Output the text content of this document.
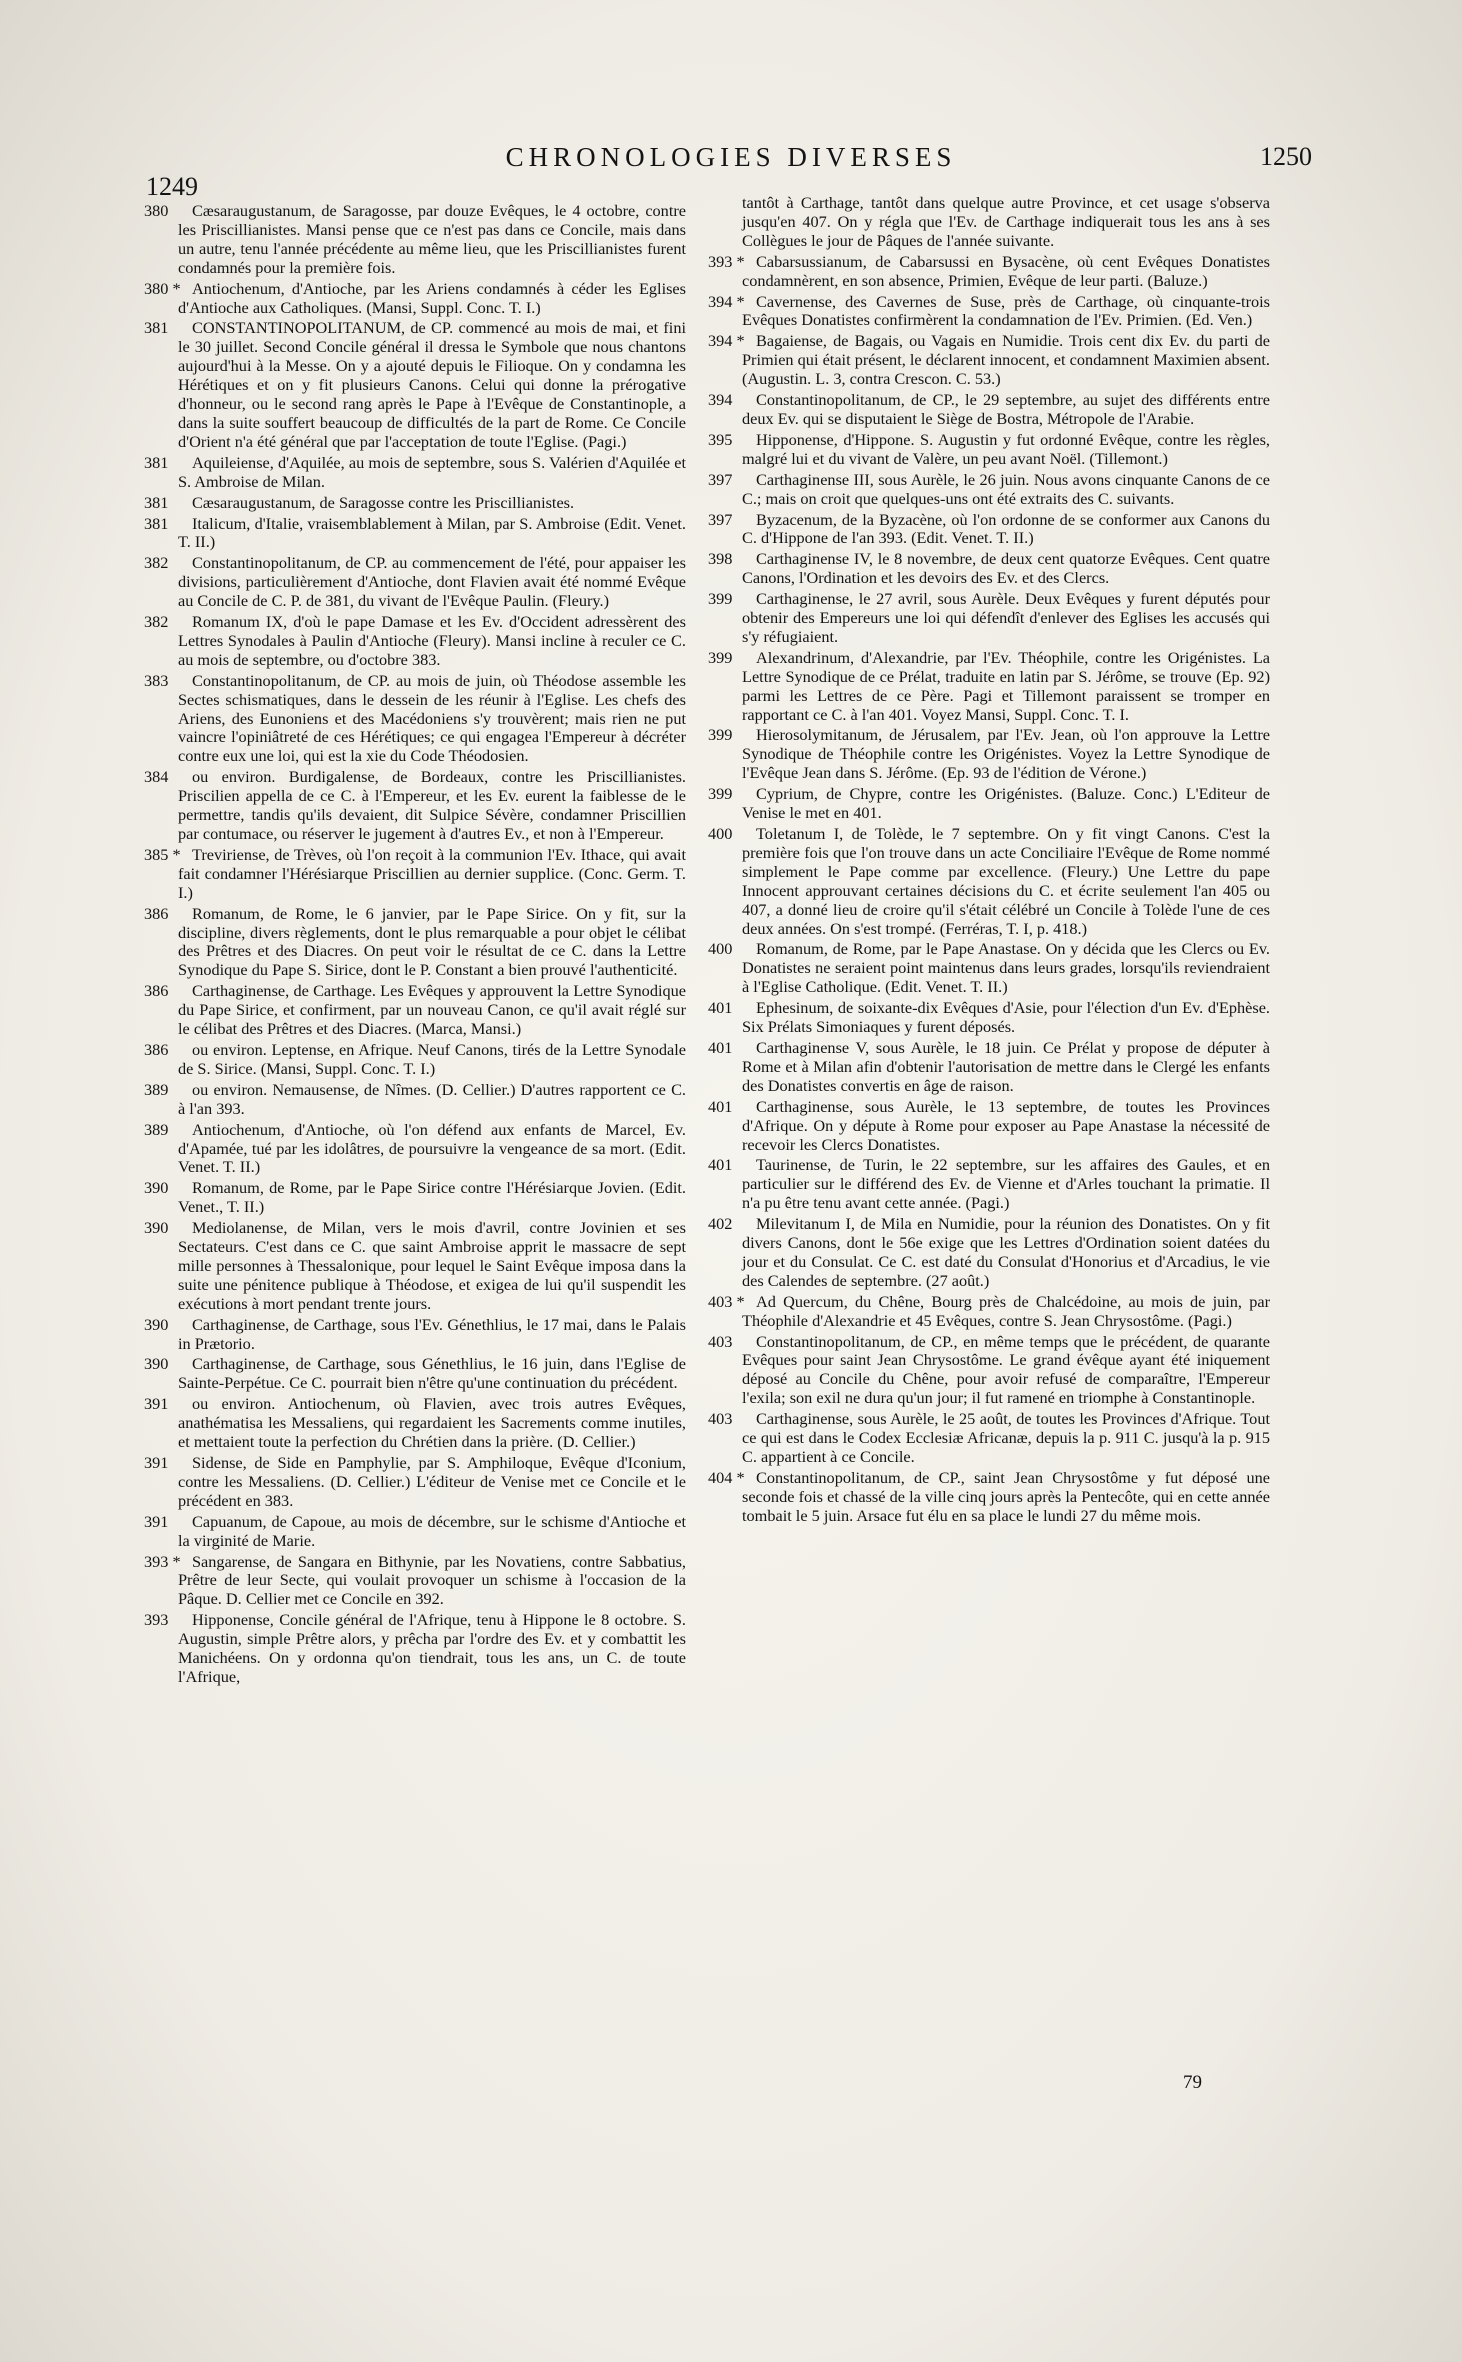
1249
CHRONOLOGIES DIVERSES	1250
380	Cæsaraugustanum, de Saragosse, par douze Evêques, le 4 octobre, contre les Priscillianistes. Mansi pense que ce n'est pas dans ce Concile, mais dans un autre, tenu l'année précédente au même lieu, que les Priscillianistes furent condamnés pour la première fois.
380 * Antiochenum, d'Antioche, par les Ariens condamnés à céder les Eglises d'Antioche aux Catholiques. (Mansi, Suppl. Conc. T. I.)
381	CONSTANTINOPOLITANUM, de CP. commencé au mois de mai, et fini le 30 juillet. Second Concile général il dressa le Symbole que nous chantons aujourd'hui à la Messe. On y a ajouté depuis le Filioque. On y condamna les Hérétiques et on y fit plusieurs Canons. Celui qui donne la prérogative d'honneur, ou le second rang après le Pape à l'Evêque de Constantinople, a dans la suite souffert beaucoup de difficultés de la part de Rome. Ce Concile d'Orient n'a été général que par l'acceptation de toute l'Eglise. (Pagi.)
381	Aquileiense, d'Aquilée, au mois de septembre, sous S. Valérien d'Aquilée et S. Ambroise de Milan.
381	Cæsaraugustanum, de Saragosse contre les Priscillianistes.
381	Italicum, d'Italie, vraisemblablement à Milan, par S. Ambroise (Edit. Venet. T. II.)
382	Constantinopolitanum, de CP. au commencement de l'été, pour appaiser les divisions, particulièrement d'Antioche, dont Flavien avait été nommé Evêque au Concile de C. P. de 381, du vivant de l'Evêque Paulin. (Fleury.)
382	Romanum IX, d'où le pape Damase et les Ev. d'Occident adressèrent des Lettres Synodales à Paulin d'Antioche (Fleury). Mansi incline à reculer ce C. au mois de septembre, ou d'octobre 383.
383	Constantinopolitanum, de CP. au mois de juin, où Théodose assemble les Sectes schismatiques, dans le dessein de les réunir à l'Eglise. Les chefs des Ariens, des Eunoniens et des Macédoniens s'y trouvèrent; mais rien ne put vaincre l'opiniâtreté de ces Hérétiques; ce qui engagea l'Empereur à décréter contre eux une loi, qui est la xie du Code Théodosien.
384	ou environ. Burdigalense, de Bordeaux, contre les Priscillianistes. Priscilien appella de ce C. à l'Empereur, et les Ev. eurent la faiblesse de le permettre, tandis qu'ils devaient, dit Sulpice Sévère, condamner Priscillien par contumace, ou réserver le jugement à d'autres Ev., et non à l'Empereur.
385 * Treviriense, de Trèves, où l'on reçoit à la communion l'Ev. Ithace, qui avait fait condamner l'Hérésiarque Priscillien au dernier supplice. (Conc. Germ. T. I.)
386	Romanum, de Rome, le 6 janvier, par le Pape Sirice. On y fit, sur la discipline, divers règlements, dont le plus remarquable a pour objet le célibat des Prêtres et des Diacres. On peut voir le résultat de ce C. dans la Lettre Synodique du Pape S. Sirice, dont le P. Constant a bien prouvé l'authenticité.
386	Carthaginense, de Carthage. Les Evêques y approuvent la Lettre Synodique du Pape Sirice, et confirment, par un nouveau Canon, ce qu'il avait réglé sur le célibat des Prêtres et des Diacres. (Marca, Mansi.)
386	ou environ. Leptense, en Afrique. Neuf Canons, tirés de la Lettre Synodale de S. Sirice. (Mansi, Suppl. Conc. T. I.)
389	ou environ. Nemausense, de Nîmes. (D. Cellier.) D'autres rapportent ce C. à l'an 393.
389	Antiochenum, d'Antioche, où l'on défend aux enfants de Marcel, Ev. d'Apamée, tué par les idolâtres, de poursuivre la vengeance de sa mort. (Edit. Venet. T. II.)
390	Romanum, de Rome, par le Pape Sirice contre l'Hérésiarque Jovien. (Edit. Venet., T. II.)
390	Mediolanense, de Milan, vers le mois d'avril, contre Jovinien et ses Sectateurs. C'est dans ce C. que saint Ambroise apprit le massacre de sept mille personnes à Thessalonique, pour lequel le Saint Evêque imposa dans la suite une pénitence publique à Théodose, et exigea de lui qu'il suspendit les exécutions à mort pendant trente jours.
390	Carthaginense, de Carthage, sous l'Ev. Génethlius, le 17 mai, dans le Palais in Prætorio.
390	Carthaginense, de Carthage, sous Génethlius, le 16 juin, dans l'Eglise de Sainte-Perpétue. Ce C. pourrait bien n'être qu'une continuation du précédent.
391	ou environ. Antiochenum, où Flavien, avec trois autres Evêques, anathématisa les Messaliens, qui regardaient les Sacrements comme inutiles, et mettaient toute la perfection du Chrétien dans la prière. (D. Cellier.)
391	Sidense, de Side en Pamphylie, par S. Amphiloque, Evêque d'Iconium, contre les Messaliens. (D. Cellier.) L'éditeur de Venise met ce Concile et le précédent en 383.
391	Capuanum, de Capoue, au mois de décembre, sur le schisme d'Antioche et la virginité de Marie.
393 * Sangarense, de Sangara en Bithynie, par les Novatiens, contre Sabbatius, Prêtre de leur Secte, qui voulait provoquer un schisme à l'occasion de la Pâque. D. Cellier met ce Concile en 392.
393	Hipponense, Concile général de l'Afrique, tenu à Hippone le 8 octobre. S. Augustin, simple Prêtre alors, y prêcha par l'ordre des Ev. et y combattit les Manichéens. On y ordonna qu'on tiendrait, tous les ans, un C. de toute l'Afrique,
tantôt à Carthage, tantôt dans quelque autre Province, et cet usage s'observa jusqu'en 407. On y régla que l'Ev. de Carthage indiquerait tous les ans à ses Collègues le jour de Pâques de l'année suivante.
393 * Cabarsussianum, de Cabarsussi en Bysacène, où cent Evêques Donatistes condamnèrent, en son absence, Primien, Evêque de leur parti. (Baluze.)
394 * Cavernense, des Cavernes de Suse, près de Carthage, où cinquante-trois Evêques Donatistes confirmèrent la condamnation de l'Ev. Primien. (Ed. Ven.)
394 * Bagaiense, de Bagais, ou Vagais en Numidie. Trois cent dix Ev. du parti de Primien qui était présent, le déclarent innocent, et condamnent Maximien absent. (Augustin. L. 3, contra Crescon. C. 53.)
394	Constantinopolitanum, de CP., le 29 septembre, au sujet des différents entre deux Ev. qui se disputaient le Siège de Bostra, Métropole de l'Arabie.
395	Hipponense, d'Hippone. S. Augustin y fut ordonné Evêque, contre les règles, malgré lui et du vivant de Valère, un peu avant Noël. (Tillemont.)
397	Carthaginense III, sous Aurèle, le 26 juin. Nous avons cinquante Canons de ce C.; mais on croit que quelques-uns ont été extraits des C. suivants.
397	Byzacenum, de la Byzacène, où l'on ordonne de se conformer aux Canons du C. d'Hippone de l'an 393. (Edit. Venet. T. II.)
398	Carthaginense IV, le 8 novembre, de deux cent quatorze Evêques. Cent quatre Canons, l'Ordination et les devoirs des Ev. et des Clercs.
399	Carthaginense, le 27 avril, sous Aurèle. Deux Evêques y furent députés pour obtenir des Empereurs une loi qui défendît d'enlever des Eglises les accusés qui s'y réfugiaient.
399	Alexandrinum, d'Alexandrie, par l'Ev. Théophile, contre les Origénistes. La Lettre Synodique de ce Prélat, traduite en latin par S. Jérôme, se trouve (Ep. 92) parmi les Lettres de ce Père. Pagi et Tillemont paraissent se tromper en rapportant ce C. à l'an 401. Voyez Mansi, Suppl. Conc. T. I.
399	Hierosolymitanum, de Jérusalem, par l'Ev. Jean, où l'on approuve la Lettre Synodique de Théophile contre les Origénistes. Voyez la Lettre Synodique de l'Evêque Jean dans S. Jérôme. (Ep. 93 de l'édition de Vérone.)
399	Cyprium, de Chypre, contre les Origénistes. (Baluze. Conc.) L'Editeur de Venise le met en 401.
400	Toletanum I, de Tolède, le 7 septembre. On y fit vingt Canons. C'est la première fois que l'on trouve dans un acte Conciliaire l'Evêque de Rome nommé simplement le Pape comme par excellence. (Fleury.) Une Lettre du pape Innocent approuvant certaines décisions du C. et écrite seulement l'an 405 ou 407, a donné lieu de croire qu'il s'était célébré un Concile à Tolède l'une de ces deux années. On s'est trompé. (Ferréras, T. I, p. 418.)
400	Romanum, de Rome, par le Pape Anastase. On y décida que les Clercs ou Ev. Donatistes ne seraient point maintenus dans leurs grades, lorsqu'ils reviendraient à l'Eglise Catholique. (Edit. Venet. T. II.)
401	Ephesinum, de soixante-dix Evêques d'Asie, pour l'élection d'un Ev. d'Ephèse. Six Prélats Simoniaques y furent déposés.
401	Carthaginense V, sous Aurèle, le 18 juin. Ce Prélat y propose de députer à Rome et à Milan afin d'obtenir l'autorisation de mettre dans le Clergé les enfants des Donatistes convertis en âge de raison.
401	Carthaginense, sous Aurèle, le 13 septembre, de toutes les Provinces d'Afrique. On y députe à Rome pour exposer au Pape Anastase la nécessité de recevoir les Clercs Donatistes.
401	Taurinense, de Turin, le 22 septembre, sur les affaires des Gaules, et en particulier sur le différend des Ev. de Vienne et d'Arles touchant la primatie. Il n'a pu être tenu avant cette année. (Pagi.)
402	Milevitanum I, de Mila en Numidie, pour la réunion des Donatistes. On y fit divers Canons, dont le 56e exige que les Lettres d'Ordination soient datées du jour et du Consulat. Ce C. est daté du Consulat d'Honorius et d'Arcadius, le vie des Calendes de septembre. (27 août.)
403 * Ad Quercum, du Chêne, Bourg près de Chalcédoine, au mois de juin, par Théophile d'Alexandrie et 45 Evêques, contre S. Jean Chrysostôme. (Pagi.)
403	Constantinopolitanum, de CP., en même temps que le précédent, de quarante Evêques pour saint Jean Chrysostôme. Le grand évêque ayant été iniquement déposé au Concile du Chêne, pour avoir refusé de comparaître, l'Empereur l'exila; son exil ne dura qu'un jour; il fut ramené en triomphe à Constantinople.
403	Carthaginense, sous Aurèle, le 25 août, de toutes les Provinces d'Afrique. Tout ce qui est dans le Codex Ecclesiæ Africanæ, depuis la p. 911 C. jusqu'à la p. 915 C. appartient à ce Concile.
404 * Constantinopolitanum, de CP., saint Jean Chrysostôme y fut déposé une seconde fois et chassé de la ville cinq jours après la Pentecôte, qui en cette année tombait le 5 juin. Arsace fut élu en sa place le lundi 27 du même mois.
79
